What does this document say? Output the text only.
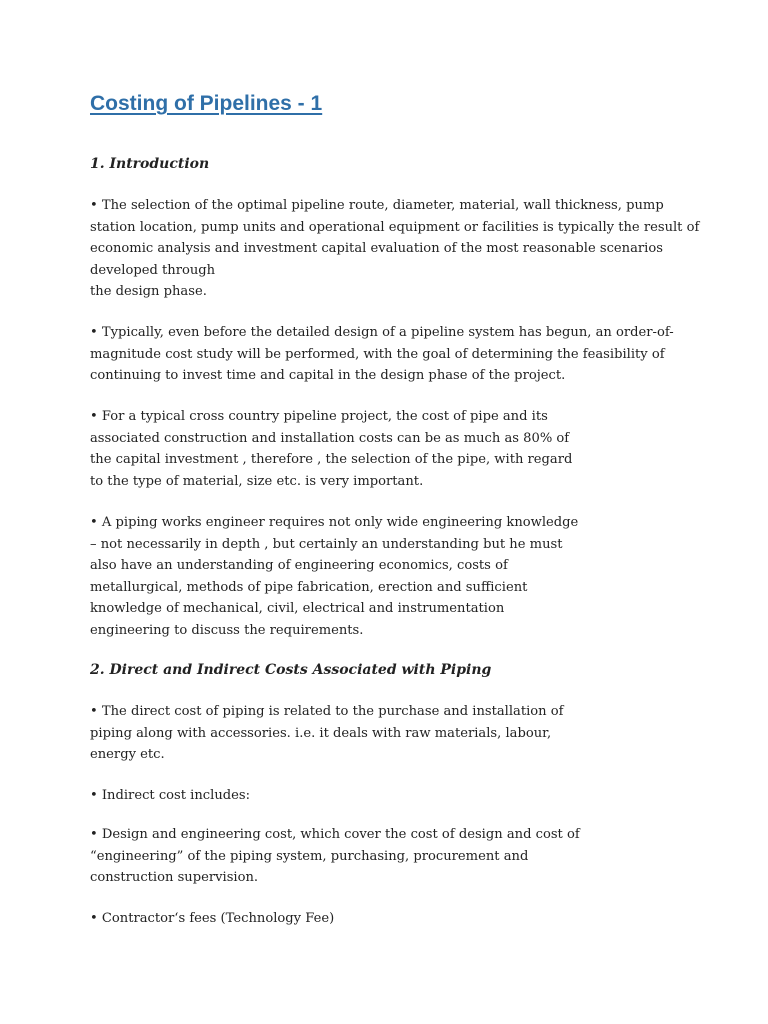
Costing of Pipelines - 1
1. Introduction

• The selection of the optimal pipeline route, diameter, material, wall thickness, pump
station location, pump units and operational equipment or facilities is typically the result of
economic analysis and investment capital evaluation of the most reasonable scenarios
developed through
the design phase.

• Typically, even before the detailed design of a pipeline system has begun, an order-of-
magnitude cost study will be performed, with the goal of determining the feasibility of
continuing to invest time and capital in the design phase of the project.

• For a typical cross country pipeline project, the cost of pipe and its
associated construction and installation costs can be as much as 80% of
the capital investment , therefore , the selection of the pipe, with regard
to the type of material, size etc. is very important.

• A piping works engineer requires not only wide engineering knowledge
– not necessarily in depth , but certainly an understanding but he must
also have an understanding of engineering economics, costs of
metallurgical, methods of pipe fabrication, erection and sufficient
knowledge of mechanical, civil, electrical and instrumentation
engineering to discuss the requirements.

2. Direct and Indirect Costs Associated with Piping

• The direct cost of piping is related to the purchase and installation of
piping along with accessories. i.e. it deals with raw materials, labour,
energy etc.

• Indirect cost includes:

• Design and engineering cost, which cover the cost of design and cost of
“engineering” of the piping system, purchasing, procurement and
construction supervision.

• Contractor‘s fees (Technology Fee)
